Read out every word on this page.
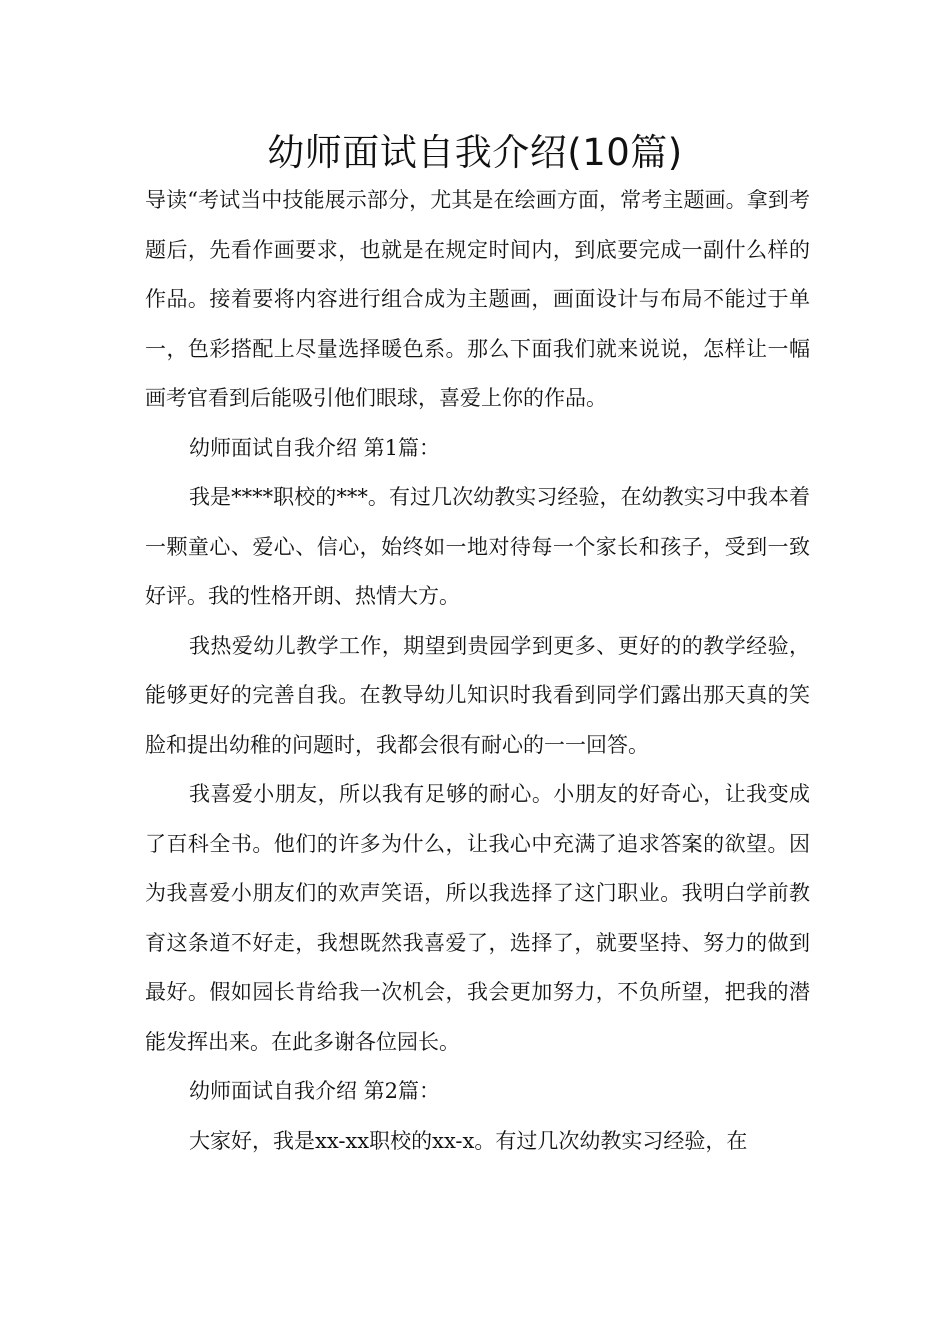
幼师面试自我介绍(10篇)

导读“考试当中技能展示部分，尤其是在绘画方面，常考主题画。拿到考题后，先看作画要求，也就是在规定时间内，到底要完成一副什么样的作品。接着要将内容进行组合成为主题画，画面设计与布局不能过于单一，色彩搭配上尽量选择暖色系。那么下面我们就来说说，怎样让一幅画考官看到后能吸引他们眼球，喜爱上你的作品。

幼师面试自我介绍 第1篇：

我是****职校的***。有过几次幼教实习经验，在幼教实习中我本着一颗童心、爱心、信心，始终如一地对待每一个家长和孩子，受到一致好评。我的性格开朗、热情大方。

我热爱幼儿教学工作，期望到贵园学到更多、更好的的教学经验，能够更好的完善自我。在教导幼儿知识时我看到同学们露出那天真的笑脸和提出幼稚的问题时，我都会很有耐心的一一回答。

我喜爱小朋友，所以我有足够的耐心。小朋友的好奇心，让我变成了百科全书。他们的许多为什么，让我心中充满了追求答案的欲望。因为我喜爱小朋友们的欢声笑语，所以我选择了这门职业。我明白学前教育这条道不好走，我想既然我喜爱了，选择了，就要坚持、努力的做到最好。假如园长肯给我一次机会，我会更加努力，不负所望，把我的潜能发挥出来。在此多谢各位园长。

幼师面试自我介绍 第2篇：

大家好，我是xx-xx职校的xx-x。有过几次幼教实习经验，在
